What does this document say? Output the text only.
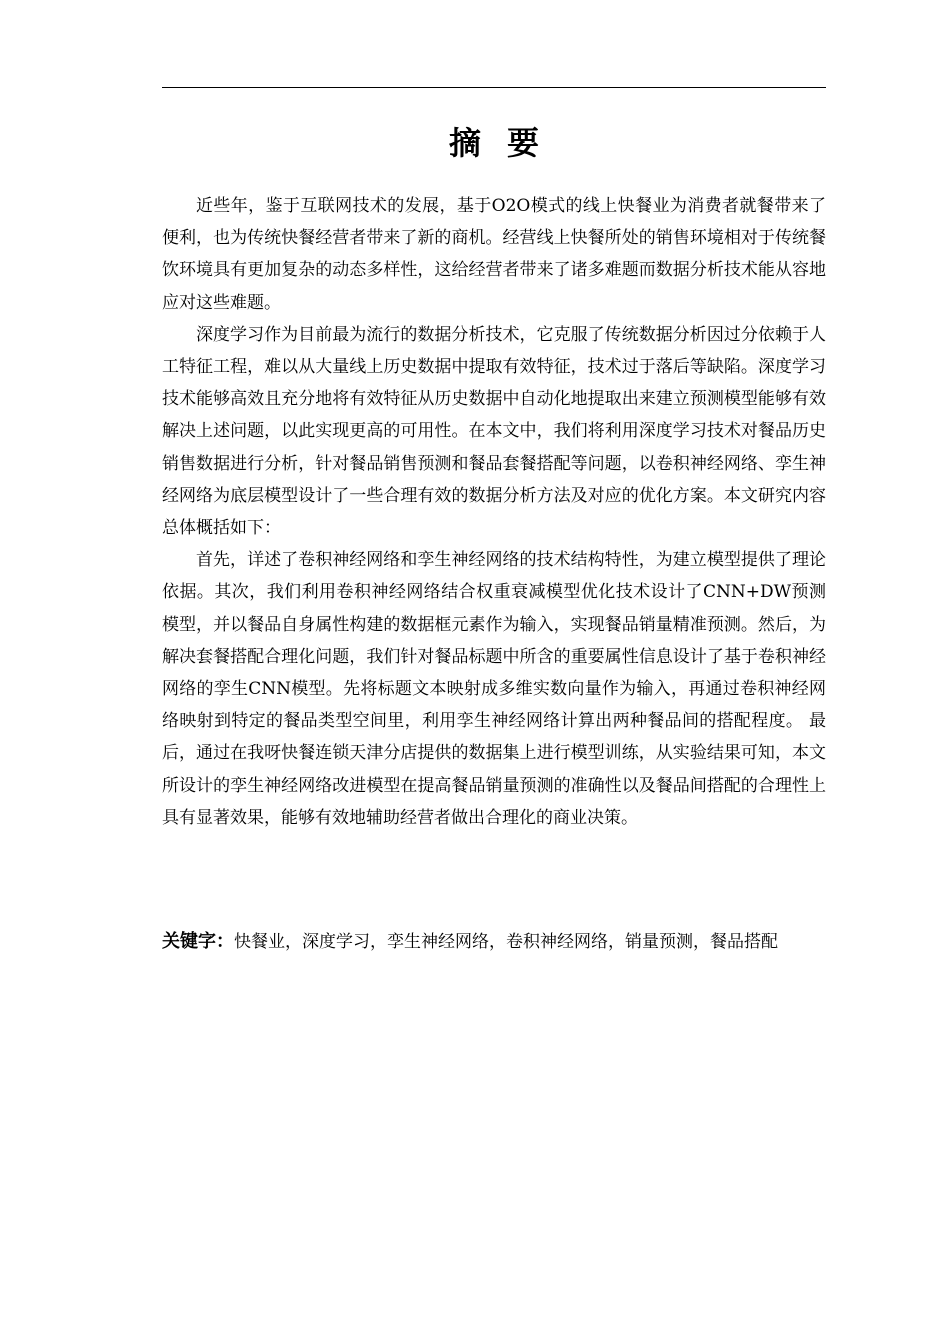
摘要

近些年，鉴于互联网技术的发展，基于O2O模式的线上快餐业为消费者就餐带来了便利，也为传统快餐经营者带来了新的商机。经营线上快餐所处的销售环境相对于传统餐饮环境具有更加复杂的动态多样性，这给经营者带来了诸多难题而数据分析技术能从容地应对这些难题。

深度学习作为目前最为流行的数据分析技术，它克服了传统数据分析因过分依赖于人工特征工程，难以从大量线上历史数据中提取有效特征，技术过于落后等缺陷。深度学习技术能够高效且充分地将有效特征从历史数据中自动化地提取出来建立预测模型能够有效解决上述问题，以此实现更高的可用性。在本文中，我们将利用深度学习技术对餐品历史销售数据进行分析，针对餐品销售预测和餐品套餐搭配等问题，以卷积神经网络、孪生神经网络为底层模型设计了一些合理有效的数据分析方法及对应的优化方案。本文研究内容总体概括如下：

首先，详述了卷积神经网络和孪生神经网络的技术结构特性，为建立模型提供了理论依据。其次，我们利用卷积神经网络结合权重衰减模型优化技术设计了CNN+DW预测模型，并以餐品自身属性构建的数据框元素作为输入，实现餐品销量精准预测。然后，为解决套餐搭配合理化问题，我们针对餐品标题中所含的重要属性信息设计了基于卷积神经网络的孪生CNN模型。先将标题文本映射成多维实数向量作为输入，再通过卷积神经网络映射到特定的餐品类型空间里，利用孪生神经网络计算出两种餐品间的搭配程度。 最后，通过在我呀快餐连锁天津分店提供的数据集上进行模型训练，从实验结果可知，本文所设计的孪生神经网络改进模型在提高餐品销量预测的准确性以及餐品间搭配的合理性上具有显著效果，能够有效地辅助经营者做出合理化的商业决策。

关键字：快餐业，深度学习，孪生神经网络，卷积神经网络，销量预测，餐品搭配
